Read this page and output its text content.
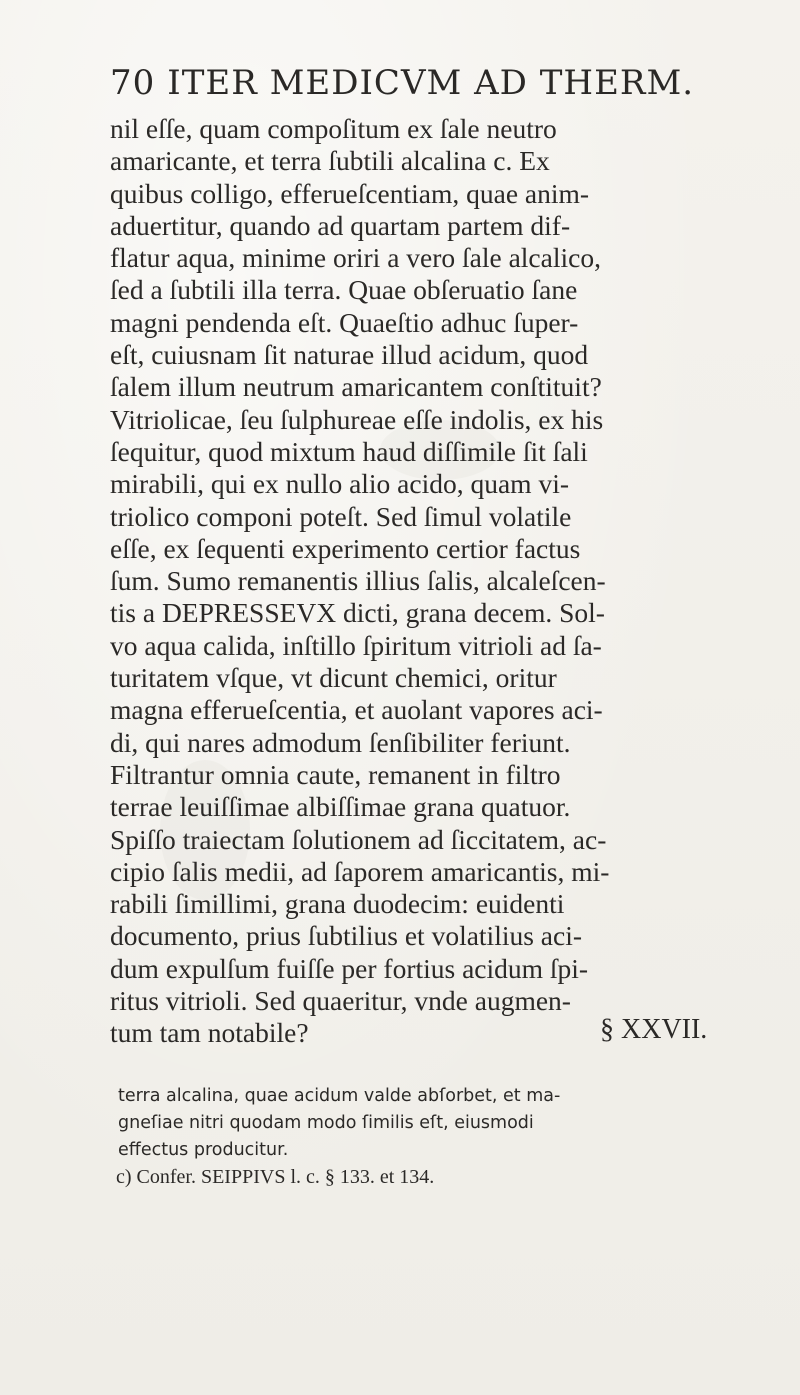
70 ITER MEDICVM AD THERM.
nil eſſe, quam compoſitum ex ſale neutro
amaricante, et terra ſubtili alcalina c. Ex
quibus colligo, efferueſcentiam, quae anim-
aduertitur, quando ad quartam partem dif-
flatur aqua, minime oriri a vero ſale alcalico,
ſed a ſubtili illa terra. Quae obſeruatio ſane
magni pendenda eſt. Quaeſtio adhuc ſuper-
eſt, cuiusnam ſit naturae illud acidum, quod
ſalem illum neutrum amaricantem conſtituit?
Vitriolicae, ſeu ſulphureae eſſe indolis, ex his
ſequitur, quod mixtum haud diſſimile ſit ſali
mirabili, qui ex nullo alio acido, quam vi-
triolico componi poteſt. Sed ſimul volatile
eſſe, ex ſequenti experimento certior factus
ſum. Sumo remanentis illius ſalis, alcaleſcen-
tis a DEPRESSEVX dicti, grana decem. Sol-
vo aqua calida, inſtillo ſpiritum vitrioli ad ſa-
turitatem vſque, vt dicunt chemici, oritur
magna efferueſcentia, et auolant vapores aci-
di, qui nares admodum ſenſibiliter feriunt.
Filtrantur omnia caute, remanent in filtro
terrae leuiſſimae albiſſimae grana quatuor.
Spiſſo traiectam ſolutionem ad ſiccitatem, ac-
cipio ſalis medii, ad ſaporem amaricantis, mi-
rabili ſimillimi, grana duodecim: euidenti
documento, prius ſubtilius et volatilius aci-
dum expulſum fuiſſe per fortius acidum ſpi-
ritus vitrioli. Sed quaeritur, vnde augmen-
tum tam notabile?	§ XXVII.
terra alcalina, quae acidum valde abſorbet, et ma-
gneſiae nitri quodam modo ſimilis eſt, eiusmodi
effectus producitur.
c) Confer. SEIPPIVS l. c. § 133. et 134.
